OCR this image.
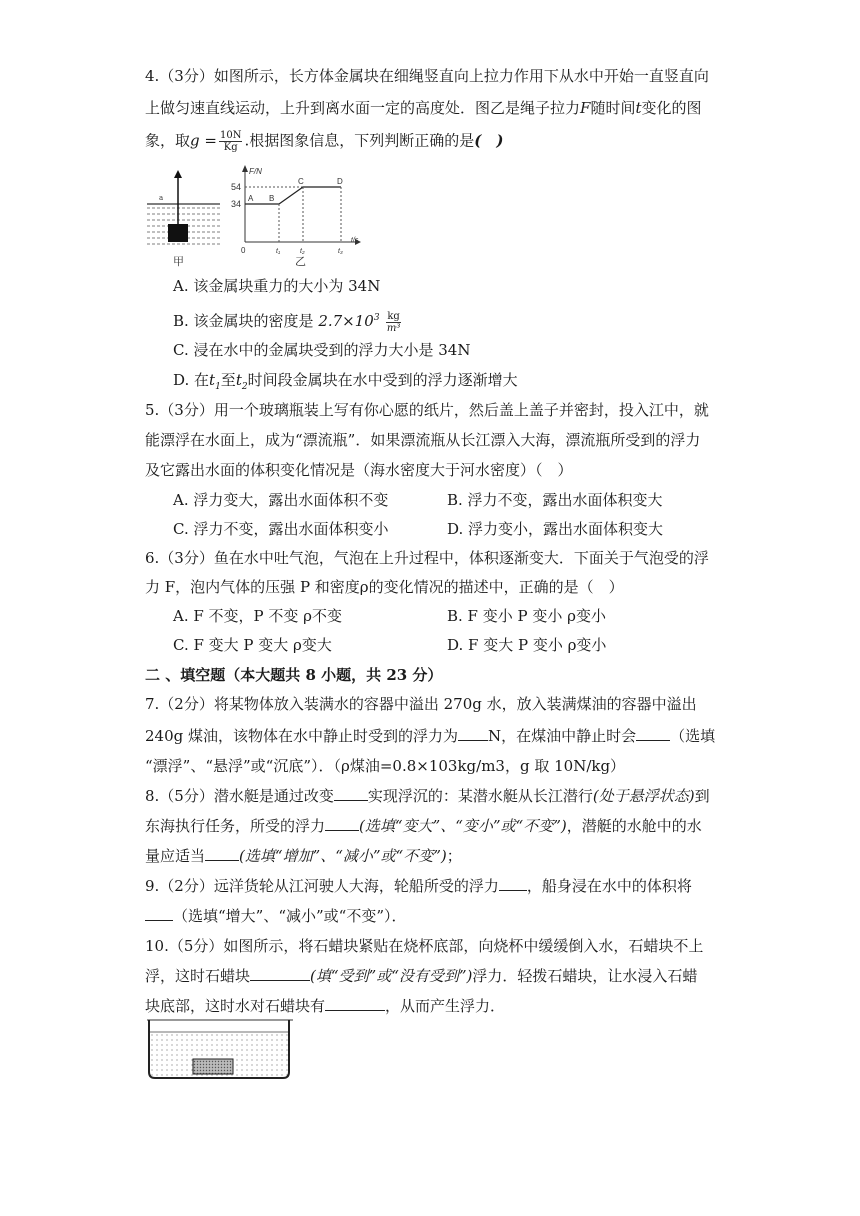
4.（3分）如图所示，长方体金属块在细绳竖直向上拉力作用下从水中开始一直竖直向
上做匀速直线运动，上升到离水面一定的高度处．图乙是绳子拉力F随时间t变化的图
象，取$g = \frac{10N}{Kg}$ .根据图象信息，下列判断正确的是(　)
a
甲
F/N
t/s
54
34
0
A B
C	D
t₁	t₂	t₃
乙
A. 该金属块重力的大小为 34N
B. 该金属块的密度是 $2.7\times 10^3 \frac{kg}{\text{m³}}$
C. 浸在水中的金属块受到的浮力大小是 34N
D. 在$t_1$至$t_2$时间段金属块在水中受到的浮力逐渐增大
5.（3分）用一个玻璃瓶装上写有你心愿的纸片，然后盖上盖子并密封，投入江中，就
能漂浮在水面上，成为“漂流瓶”．如果漂流瓶从长江漂入大海，漂流瓶所受到的浮力
及它露出水面的体积变化情况是（海水密度大于河水密度）（　）
A. 浮力变大，露出水面体积不变	B. 浮力不变，露出水面体积变大
C. 浮力不变，露出水面体积变小	D. 浮力变小，露出水面体积变大
6.（3分）鱼在水中吐气泡，气泡在上升过程中，体积逐渐变大．下面关于气泡受的浮
力 F，泡内气体的压强 P 和密度ρ的变化情况的描述中，正确的是（　）
A. F 不变，P 不变 ρ不变	B. F 变小 P 变小 ρ变小
C. F 变大 P 变大 ρ变大	D. F 变大 P 变小 ρ变小
二 、填空题（本大题共 8 小题，共 23 分）
7.（2分）将某物体放入装满水的容器中溢出 270g 水，放入装满煤油的容器中溢出
240g 煤油，该物体在水中静止时受到的浮力为 N，在煤油中静止时会 （选填
“漂浮”、“悬浮”或“沉底”）．（ρ煤油=0.8×103kg/m3，g 取 10N/kg）
8.（5分）潜水艇是通过改变 实现浮沉的：某潜水艇从长江潜行(处于悬浮状态)到
东海执行任务，所受的浮力 (选填“变大”、“变小”或“不变”)，潜艇的水舱中的水
量应适当 (选填“增加”、“减小”或“不变”)；
9.（2分）远洋货轮从江河驶人大海，轮船所受的浮力 ，船身浸在水中的体积将
（选填“增大”、“减小”或“不变”）．
10.（5分）如图所示，将石蜡块紧贴在烧杯底部，向烧杯中缓缓倒入水，石蜡块不上
浮，这时石蜡块	(填“受到”或“没有受到”)浮力．轻拨石蜡块，让水浸入石蜡
块底部，这时水对石蜡块有	，从而产生浮力．
